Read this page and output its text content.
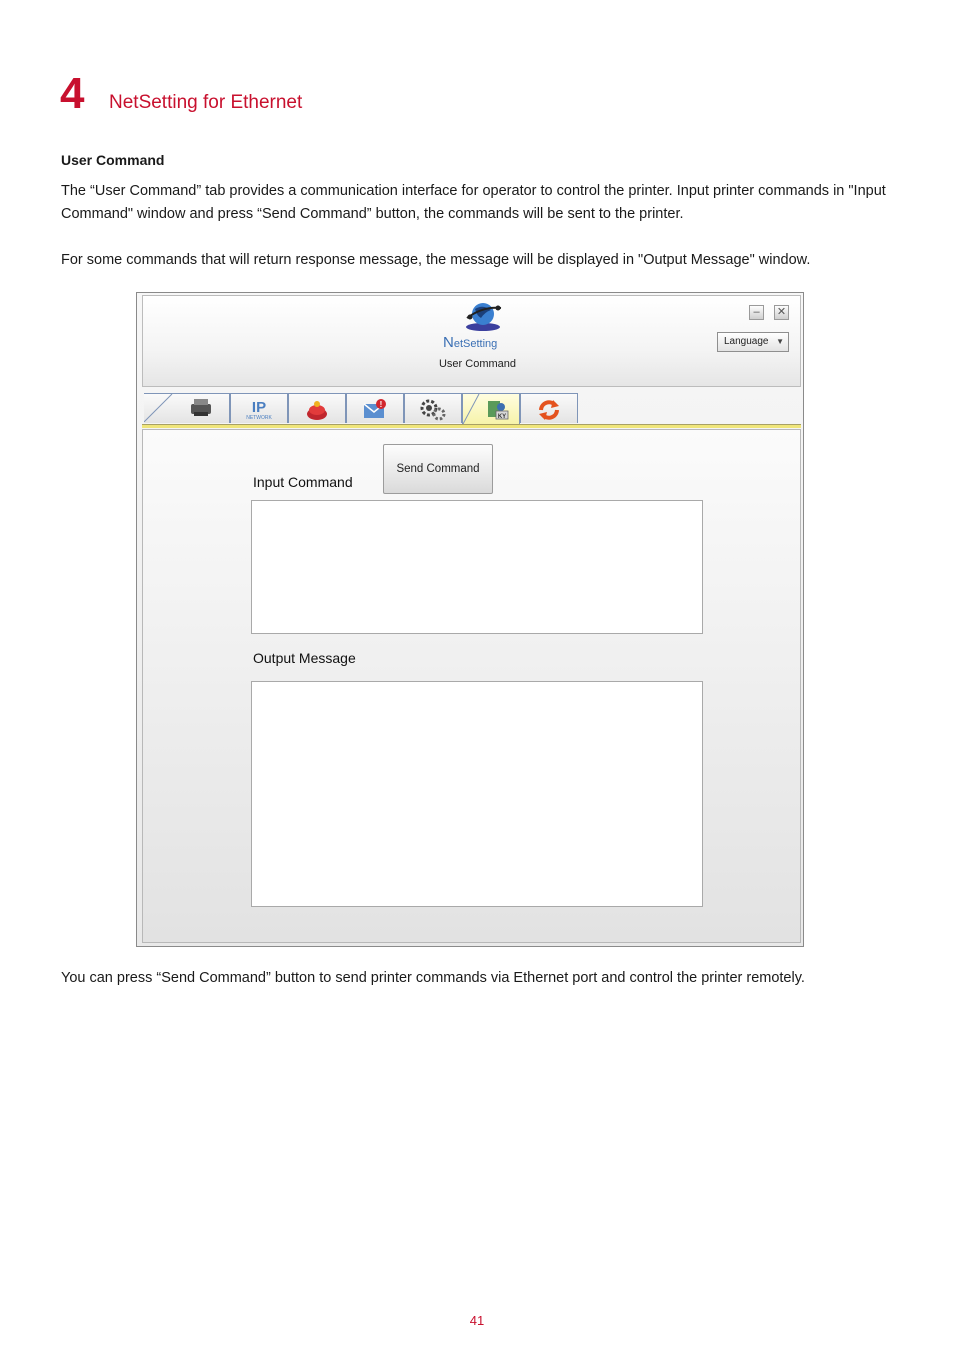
4 NetSetting for Ethernet
User Command

The “User Command” tab provides a communication interface for operator to control the printer. Input printer commands in "Input Command" window and press “Send Command” button, the commands will be sent to the printer.

For some commands that will return response message, the message will be displayed in "Output Message" window.

NetSetting
User Command
–	✕
Language ▼
IP
NETWORK
!
KY
Input Command
Send Command
Output Message

You can press “Send Command” button to send printer commands via Ethernet port and control the printer remotely.

41
